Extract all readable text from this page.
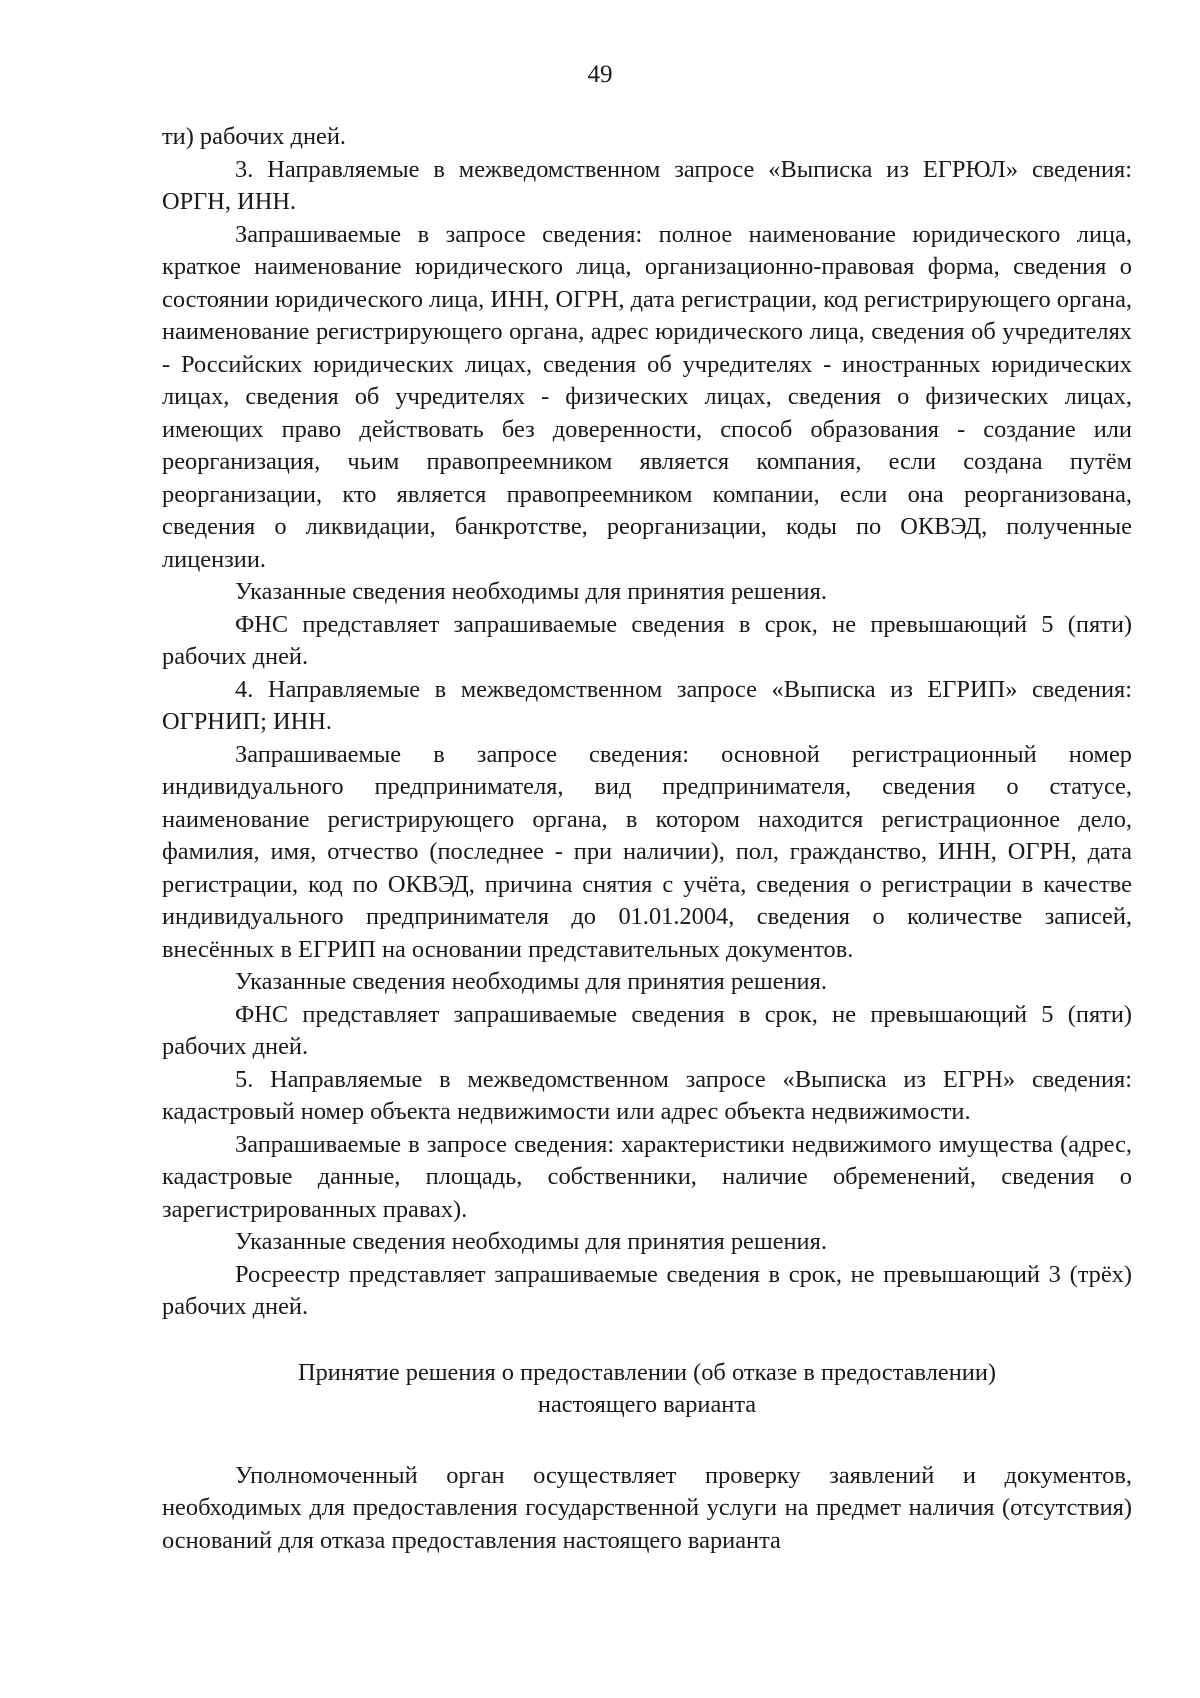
49

ти) рабочих дней.

3. Направляемые в межведомственном запросе «Выписка из ЕГРЮЛ» сведения: ОРГН, ИНН.

Запрашиваемые в запросе сведения: полное наименование юридического лица, краткое наименование юридического лица, организационно-правовая форма, сведения о состоянии юридического лица, ИНН, ОГРН, дата регистрации, код регистрирующего органа, наименование регистрирующего органа, адрес юридического лица, сведения об учредителях - Российских юридических лицах, сведения об учредителях - иностранных юридических лицах, сведения об учредителях - физических лицах, сведения о физических лицах, имеющих право действовать без доверенности, способ образования - создание или реорганизация, чьим правопреемником является компания, если создана путём реорганизации, кто является правопреемником компании, если она реорганизована, сведения о ликвидации, банкротстве, реорганизации, коды по ОКВЭД, полученные лицензии.

Указанные сведения необходимы для принятия решения.

ФНС представляет запрашиваемые сведения в срок, не превышающий 5 (пяти) рабочих дней.

4. Направляемые в межведомственном запросе «Выписка из ЕГРИП» сведения: ОГРНИП; ИНН.

Запрашиваемые в запросе сведения: основной регистрационный номер индивидуального предпринимателя, вид предпринимателя, сведения о статусе, наименование регистрирующего органа, в котором находится регистрационное дело, фамилия, имя, отчество (последнее - при наличии), пол, гражданство, ИНН, ОГРН, дата регистрации, код по ОКВЭД, причина снятия с учёта, сведения о регистрации в качестве индивидуального предпринимателя до 01.01.2004, сведения о количестве записей, внесённых в ЕГРИП на основании представительных документов.

Указанные сведения необходимы для принятия решения.

ФНС представляет запрашиваемые сведения в срок, не превышающий 5 (пяти) рабочих дней.

5. Направляемые в межведомственном запросе «Выписка из ЕГРН» сведения: кадастровый номер объекта недвижимости или адрес объекта недвижимости.

Запрашиваемые в запросе сведения: характеристики недвижимого имущества (адрес, кадастровые данные, площадь, собственники, наличие обременений, сведения о зарегистрированных правах).

Указанные сведения необходимы для принятия решения.

Росреестр представляет запрашиваемые сведения в срок, не превышающий 3 (трёх) рабочих дней.

Принятие решения о предоставлении (об отказе в предоставлении)
настоящего варианта

Уполномоченный орган осуществляет проверку заявлений и документов, необходимых для предоставления государственной услуги на предмет наличия (отсутствия) оснований для отказа предоставления настоящего варианта
